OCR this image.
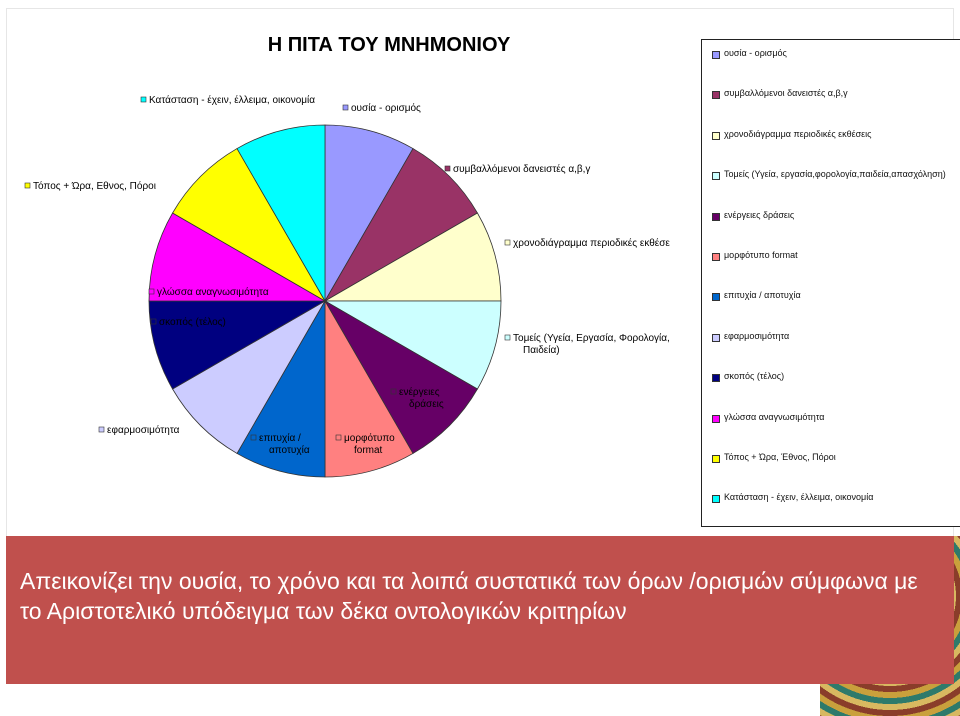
Η ΠΙΤΑ ΤΟΥ ΜΝΗΜΟΝΙΟΥ
ουσία - ορισμός
συμβαλλόμενοι δανειστές α,β,γ
χρονοδιάγραμμα περιοδικές εκθέσε
Τομείς (Υγεία, Εργασία, Φορολογία, Παιδεία)
ενέργειες δράσεις
μορφότυπο format
επιτυχία / αποτυχία
εφαρμοσιμότητα
σκοπός (τέλος)
γλώσσα αναγνωσιμότητα
Τόπος + Ώρα, Εθνος, Πόροι
Κατάσταση - έχειν, έλλειμα, οικονομία
ουσία - ορισμός
συμβαλλόμενοι δανειστές α,β,γ
χρονοδιάγραμμα περιοδικές εκθέσεις
Τομείς (Υγεία, εργασία,φορολογία,παιδεία,απασχόληση)
ενέργειες δράσεις
μορφότυπο format
επιτυχία / αποτυχία
εφαρμοσιμότητα
σκοπός (τέλος)
γλώσσα αναγνωσιμότητα
Τόπος + Ώρα, Έθνος, Πόροι
Κατάσταση - έχειν, έλλειμα, οικονομία
Απεικονίζει την ουσία, το χρόνο και τα λοιπά συστατικά των όρων /ορισμών σύμφωνα με το Αριστοτελικό υπόδειγμα των δέκα οντολογικών κριτηρίων
